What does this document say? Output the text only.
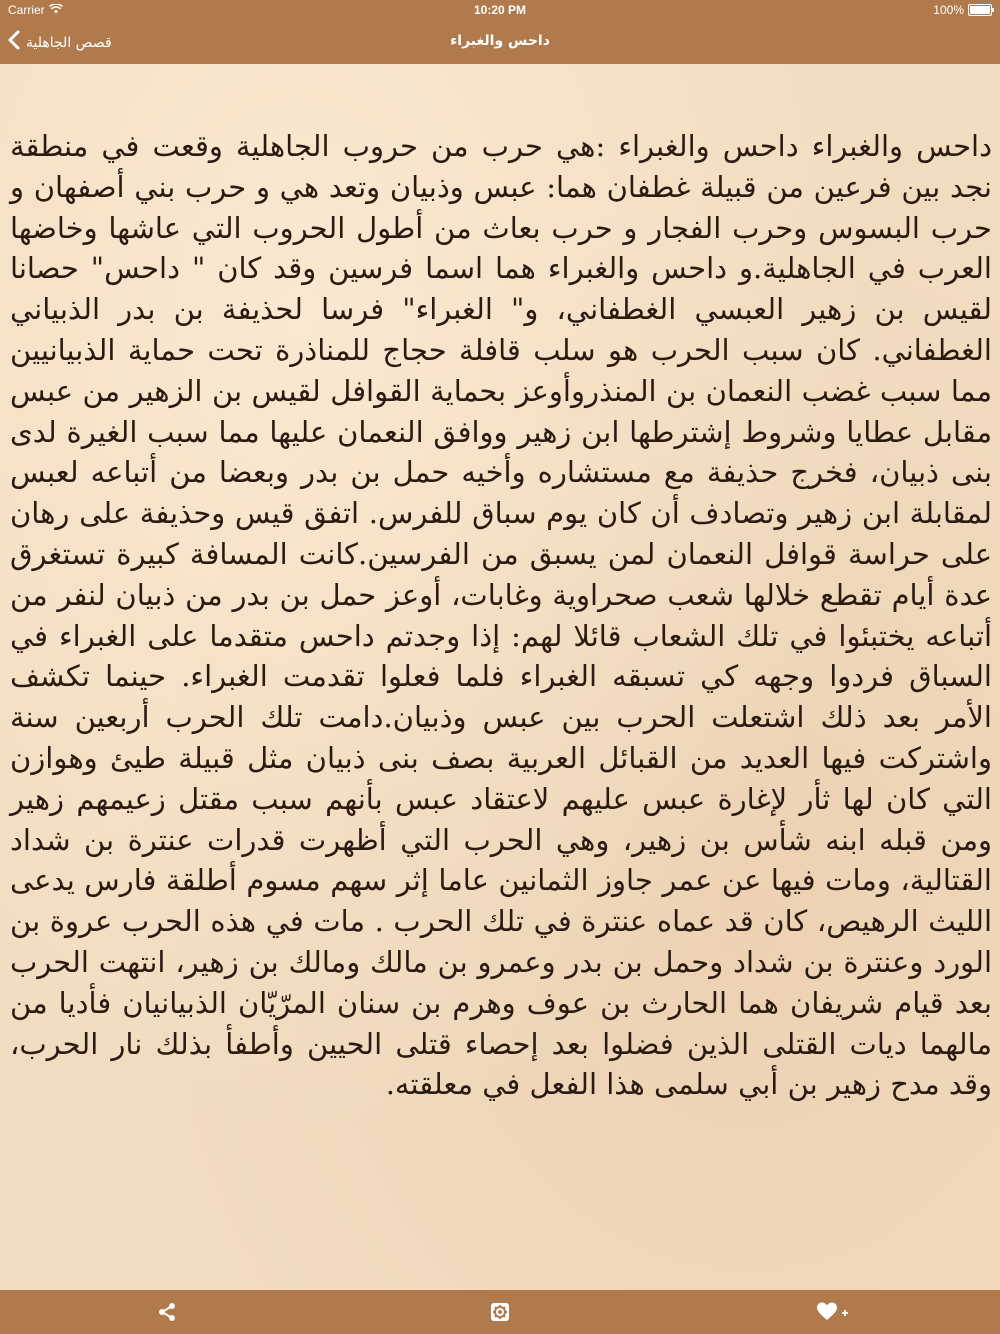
Carrier	10:20 PM	100%
قصص الجاهلية	داحس والغبراء

داحس والغبراء داحس والغبراء :هي حرب من حروب الجاهلية وقعت في منطقة نجد بين فرعين من قبيلة غطفان هما: عبس وذبيان وتعد هي و حرب بني أصفهان و حرب البسوس وحرب الفجار و حرب بعاث من أطول الحروب التي عاشها وخاضها العرب في الجاهلية.و داحس والغبراء هما اسما فرسين وقد كان " داحس" حصانا لقيس بن زهير العبسي الغطفاني، و" الغبراء" فرسا لحذيفة بن بدر الذبياني الغطفاني. كان سبب الحرب هو سلب قافلة حجاج للمناذرة تحت حماية الذبيانيين مما سبب غضب النعمان بن المنذروأوعز بحماية القوافل لقيس بن الزهير من عبس مقابل عطايا وشروط إشترطها ابن زهير ووافق النعمان عليها مما سبب الغيرة لدى بنى ذبيان، فخرج حذيفة مع مستشاره وأخيه حمل بن بدر وبعضا من أتباعه لعبس لمقابلة ابن زهير وتصادف أن كان يوم سباق للفرس. اتفق قيس وحذيفة على رهان على حراسة قوافل النعمان لمن يسبق من الفرسين.كانت المسافة كبيرة تستغرق عدة أيام تقطع خلالها شعب صحراوية وغابات، أوعز حمل بن بدر من ذبيان لنفر من أتباعه يختبئوا في تلك الشعاب قائلا لهم: إذا وجدتم داحس متقدما على الغبراء في السباق فردوا وجهه كي تسبقه الغبراء فلما فعلوا تقدمت الغبراء. حينما تكشف الأمر بعد ذلك اشتعلت الحرب بين عبس وذبيان.دامت تلك الحرب أربعين سنة واشتركت فيها العديد من القبائل العربية بصف بنى ذبيان مثل قبيلة طيئ وهوازن التي كان لها ثأر لإغارة عبس عليهم لاعتقاد عبس بأنهم سبب مقتل زعيمهم زهير ومن قبله ابنه شأس بن زهير، وهي الحرب التي أظهرت قدرات عنترة بن شداد القتالية، ومات فيها عن عمر جاوز الثمانين عاما إثر سهم مسوم أطلقة فارس يدعى الليث الرهيص، كان قد عماه عنترة في تلك الحرب . مات في هذه الحرب عروة بن الورد وعنترة بن شداد وحمل بن بدر وعمرو بن مالك ومالك بن زهير، انتهت الحرب بعد قيام شريفان هما الحارث بن عوف وهرم بن سنان المرّيّان الذبيانيان فأديا من مالهما ديات القتلى الذين فضلوا بعد إحصاء قتلى الحيين وأطفأ بذلك نار الحرب، وقد مدح زهير بن أبي سلمى هذا الفعل في معلقته.
